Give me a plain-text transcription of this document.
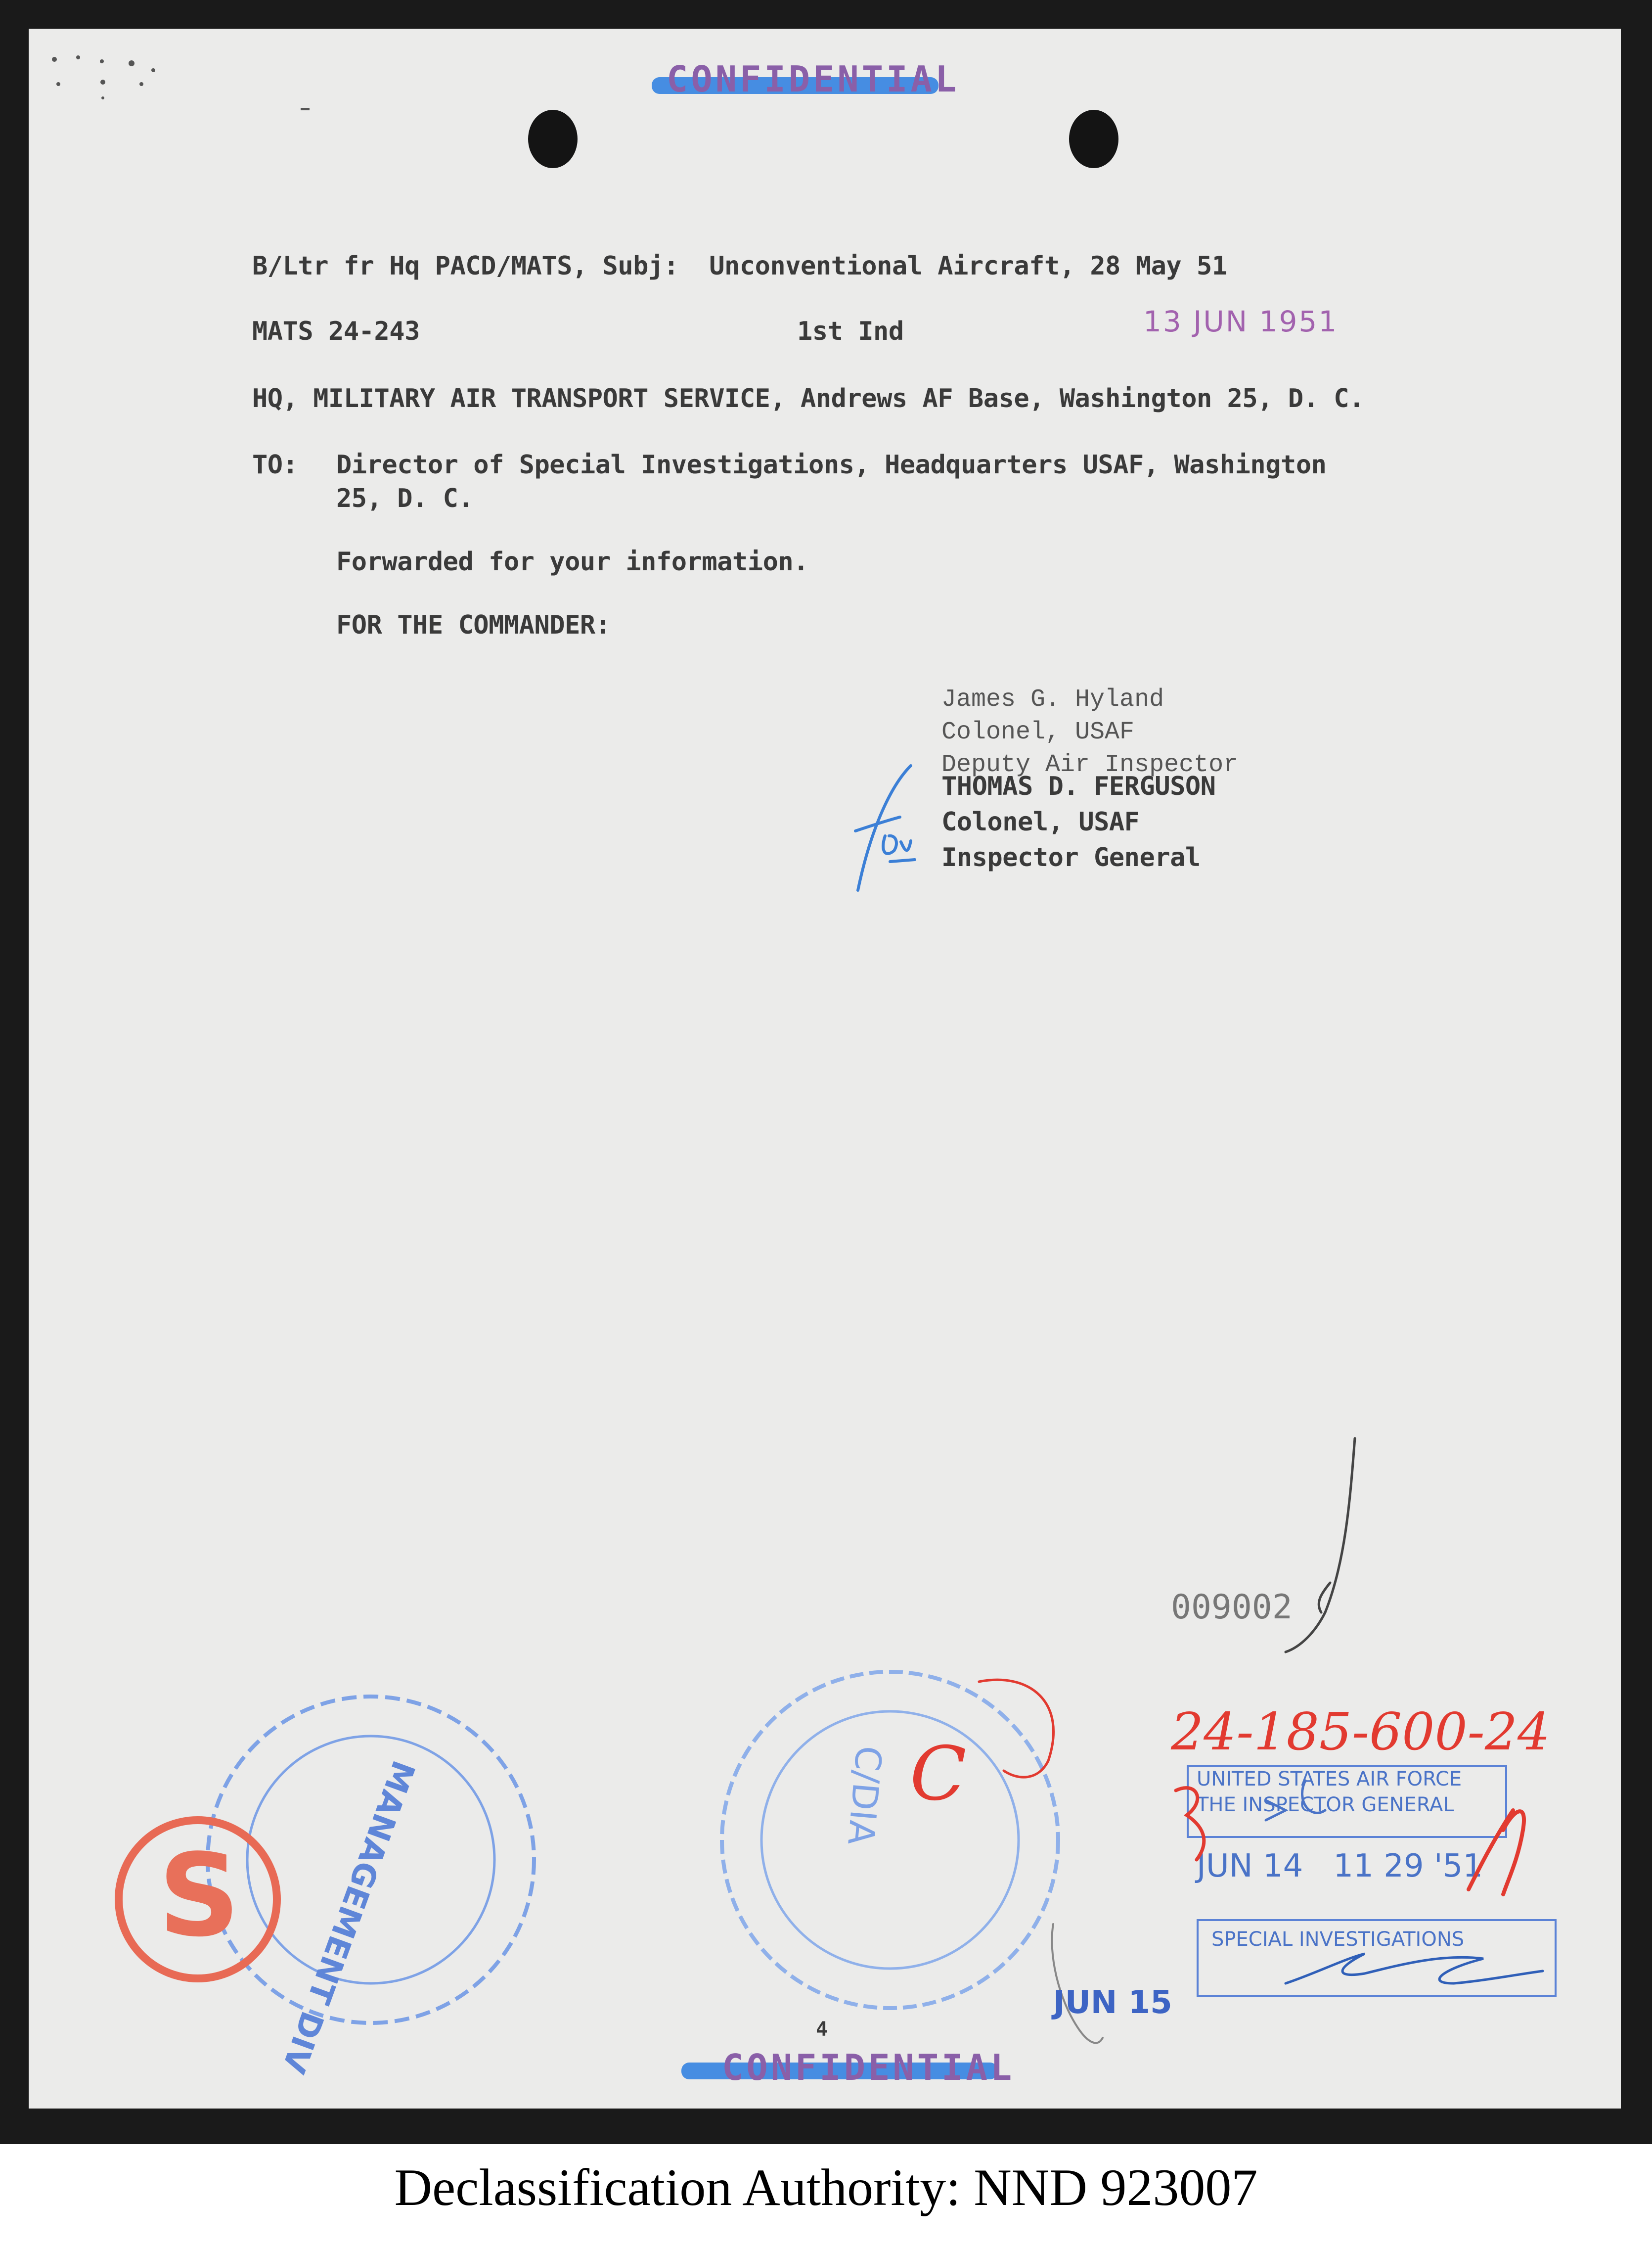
CONFIDENTIAL
B/Ltr fr Hq PACD/MATS, Subj:  Unconventional Aircraft, 28 May 51
MATS 24-243	1st Ind	13 JUN 1951
HQ, MILITARY AIR TRANSPORT SERVICE, Andrews AF Base, Washington 25, D. C.
TO: Director of Special Investigations, Headquarters USAF, Washington
25, D. C.
Forwarded for your information.
FOR THE COMMANDER:
James G. Hyland
Colonel, USAF
Deputy Air Inspector
THOMAS D. FERGUSON
Colonel, USAF
Inspector General
009002
24-185-600-24
UNITED STATES AIR FORCE
THE INSPECTOR GENERAL
JUN 14   11 29 '51
SPECIAL INVESTIGATIONS
JUN 15
MANAGEMENT DIV
S
C/DIA C
4
CONFIDENTIAL
Declassification Authority: NND 923007
